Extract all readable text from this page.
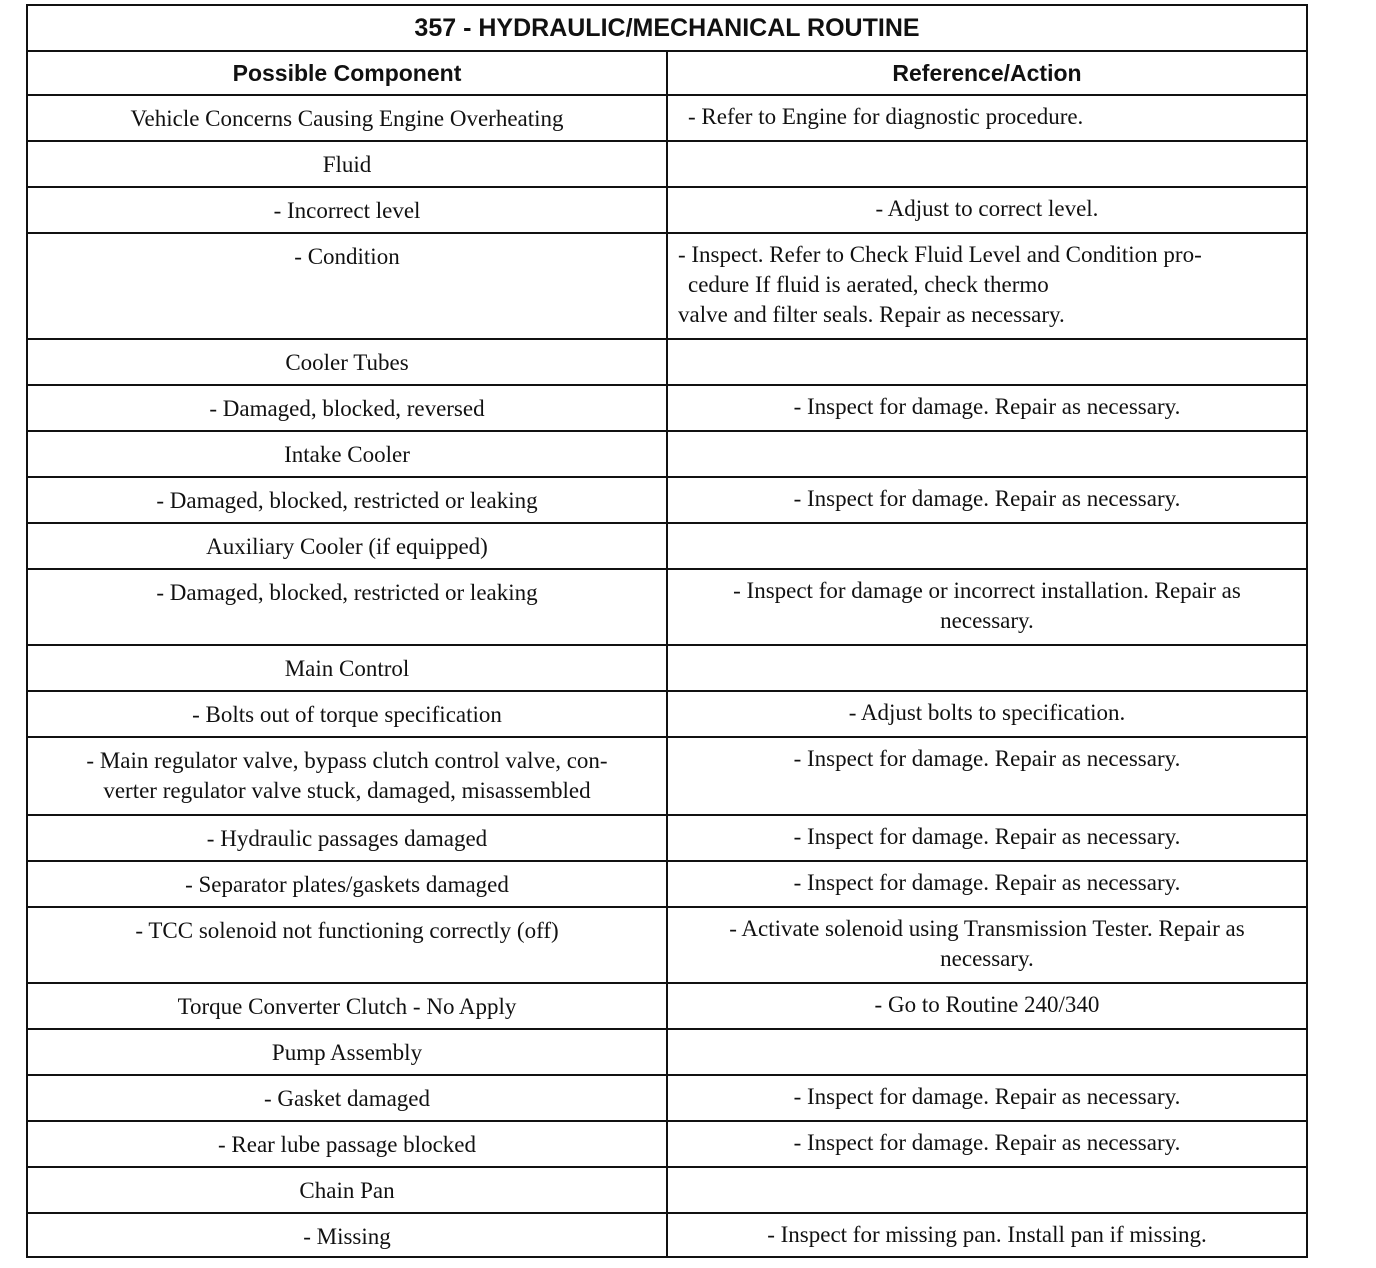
357 - HYDRAULIC/MECHANICAL ROUTINE	
Possible Component	Reference/Action
Vehicle Concerns Causing Engine Overheating	- Refer to Engine for diagnostic procedure.

Fluid	
- Incorrect level	- Adjust to correct level.
- Condition	- Inspect. Refer to Check Fluid Level and Condition pro-
cedure If fluid is aerated, check thermo
valve and filter seals. Repair as necessary.

Cooler Tubes	
- Damaged, blocked, reversed	- Inspect for damage. Repair as necessary.
Intake Cooler	
- Damaged, blocked, restricted or leaking	- Inspect for damage. Repair as necessary.
Auxiliary Cooler (if equipped)	
- Damaged, blocked, restricted or leaking	- Inspect for damage or incorrect installation. Repair as
necessary.

Main Control	
- Bolts out of torque specification	- Adjust bolts to specification.

- Main regulator valve, bypass clutch control valve, con-
verter regulator valve stuck, damaged, misassembled	- Inspect for damage. Repair as necessary.
- Hydraulic passages damaged	- Inspect for damage. Repair as necessary.
- Separator plates/gaskets damaged	- Inspect for damage. Repair as necessary.
- TCC solenoid not functioning correctly (off)	- Activate solenoid using Transmission Tester. Repair as
necessary.

Torque Converter Clutch - No Apply	- Go to Routine 240/340
Pump Assembly	
- Gasket damaged	- Inspect for damage. Repair as necessary.
- Rear lube passage blocked	- Inspect for damage. Repair as necessary.
Chain Pan	
- Missing	- Inspect for missing pan. Install pan if missing.
